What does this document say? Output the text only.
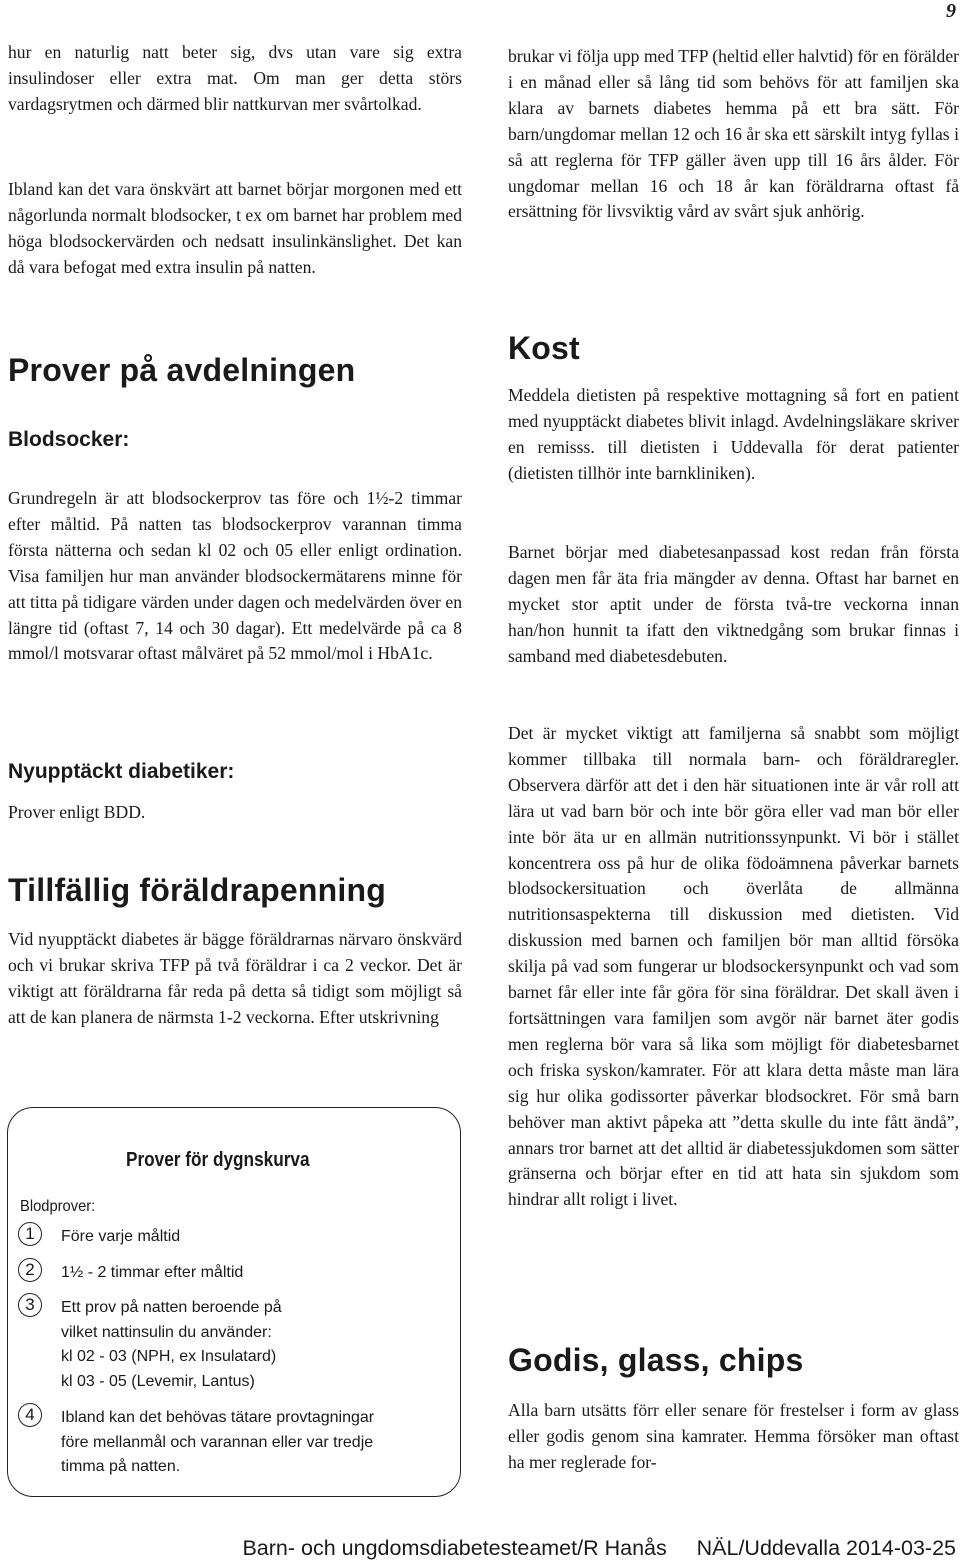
9

hur en naturlig natt beter sig, dvs utan vare sig extra insulindoser eller extra mat. Om man ger detta störs vardagsrytmen och därmed blir nattkurvan mer svårtolkad.

Ibland kan det vara önskvärt att barnet börjar morgonen med ett någorlunda normalt blodsocker, t ex om barnet har problem med höga blodsockervärden och nedsatt insulinkänslighet. Det kan då vara befogat med extra insulin på natten.

Prover på avdelningen
Blodsocker:

Grundregeln är att blodsockerprov tas före och 1½-2 timmar efter måltid. På natten tas blodsockerprov varannan timma första nätterna och sedan kl 02 och 05 eller enligt ordination. Visa familjen hur man använder blodsockermätarens minne för att titta på tidigare värden under dagen och medelvärden över en längre tid (oftast 7, 14 och 30 dagar). Ett medelvärde på ca 8 mmol/l motsvarar oftast målväret på 52 mmol/mol i HbA1c.

Nyupptäckt diabetiker:

Prover enligt BDD.

Tillfällig föräldrapenning

Vid nyupptäckt diabetes är bägge föräldrarnas närvaro önskvärd och vi brukar skriva TFP på två föräldrar i ca 2 veckor. Det är viktigt att föräldrarna får reda på detta så tidigt som möjligt så att de kan planera de närmsta 1-2 veckorna. Efter utskrivning

Prover för dygnskurva
Blodprover:
1	Före varje måltid
2	1½ - 2 timmar efter måltid
3	Ett prov på natten beroende på
vilket nattinsulin du använder:
kl 02 - 03 (NPH, ex Insulatard)
kl 03 - 05 (Levemir, Lantus)
4	Ibland kan det behövas tätare provtagningar
före mellanmål och varannan eller var tredje
timma på natten.

brukar vi följa upp med TFP (heltid eller halvtid) för en förälder i en månad eller så lång tid som behövs för att familjen ska klara av barnets diabetes hemma på ett bra sätt. För barn/ungdomar mellan 12 och 16 år ska ett särskilt intyg fyllas i så att reglerna för TFP gäller även upp till 16 års ålder. För ungdomar mellan 16 och 18 år kan föräldrarna oftast få ersättning för livsviktig vård av svårt sjuk anhörig.

Kost

Meddela dietisten på respektive mottagning så fort en patient med nyupptäckt diabetes blivit inlagd. Avdelningsläkare skriver en remisss. till dietisten i Uddevalla för derat patienter (dietisten tillhör inte barnkliniken).

Barnet börjar med diabetesanpassad kost redan från första dagen men får äta fria mängder av denna. Oftast har barnet en mycket stor aptit under de första två-tre veckorna innan han/hon hunnit ta ifatt den viktnedgång som brukar finnas i samband med diabetesdebuten.

Det är mycket viktigt att familjerna så snabbt som möjligt kommer tillbaka till normala barn- och föräldraregler. Observera därför att det i den här situationen inte är vår roll att lära ut vad barn bör och inte bör göra eller vad man bör eller inte bör äta ur en allmän nutritionssynpunkt. Vi bör i stället koncentrera oss på hur de olika födoämnena påverkar barnets blodsockersituation och överlåta de allmänna nutritionsaspekterna till diskussion med dietisten. Vid diskussion med barnen och familjen bör man alltid försöka skilja på vad som fungerar ur blodsockersynpunkt och vad som barnet får eller inte får göra för sina föräldrar. Det skall även i fortsättningen vara familjen som avgör när barnet äter godis men reglerna bör vara så lika som möjligt för diabetesbarnet och friska syskon/kamrater. För att klara detta måste man lära sig hur olika godissorter påverkar blodsockret. För små barn behöver man aktivt påpeka att ”detta skulle du inte fått ändå”, annars tror barnet att det alltid är diabetessjukdomen som sätter gränserna och börjar efter en tid att hata sin sjukdom som hindrar allt roligt i livet.

Godis, glass, chips

Alla barn utsätts förr eller senare för frestelser i form av glass eller godis genom sina kamrater. Hemma försöker man oftast ha mer reglerade for-

Barn- och ungdomsdiabetesteamet/R Hanås NÄL/Uddevalla 2014-03-25
